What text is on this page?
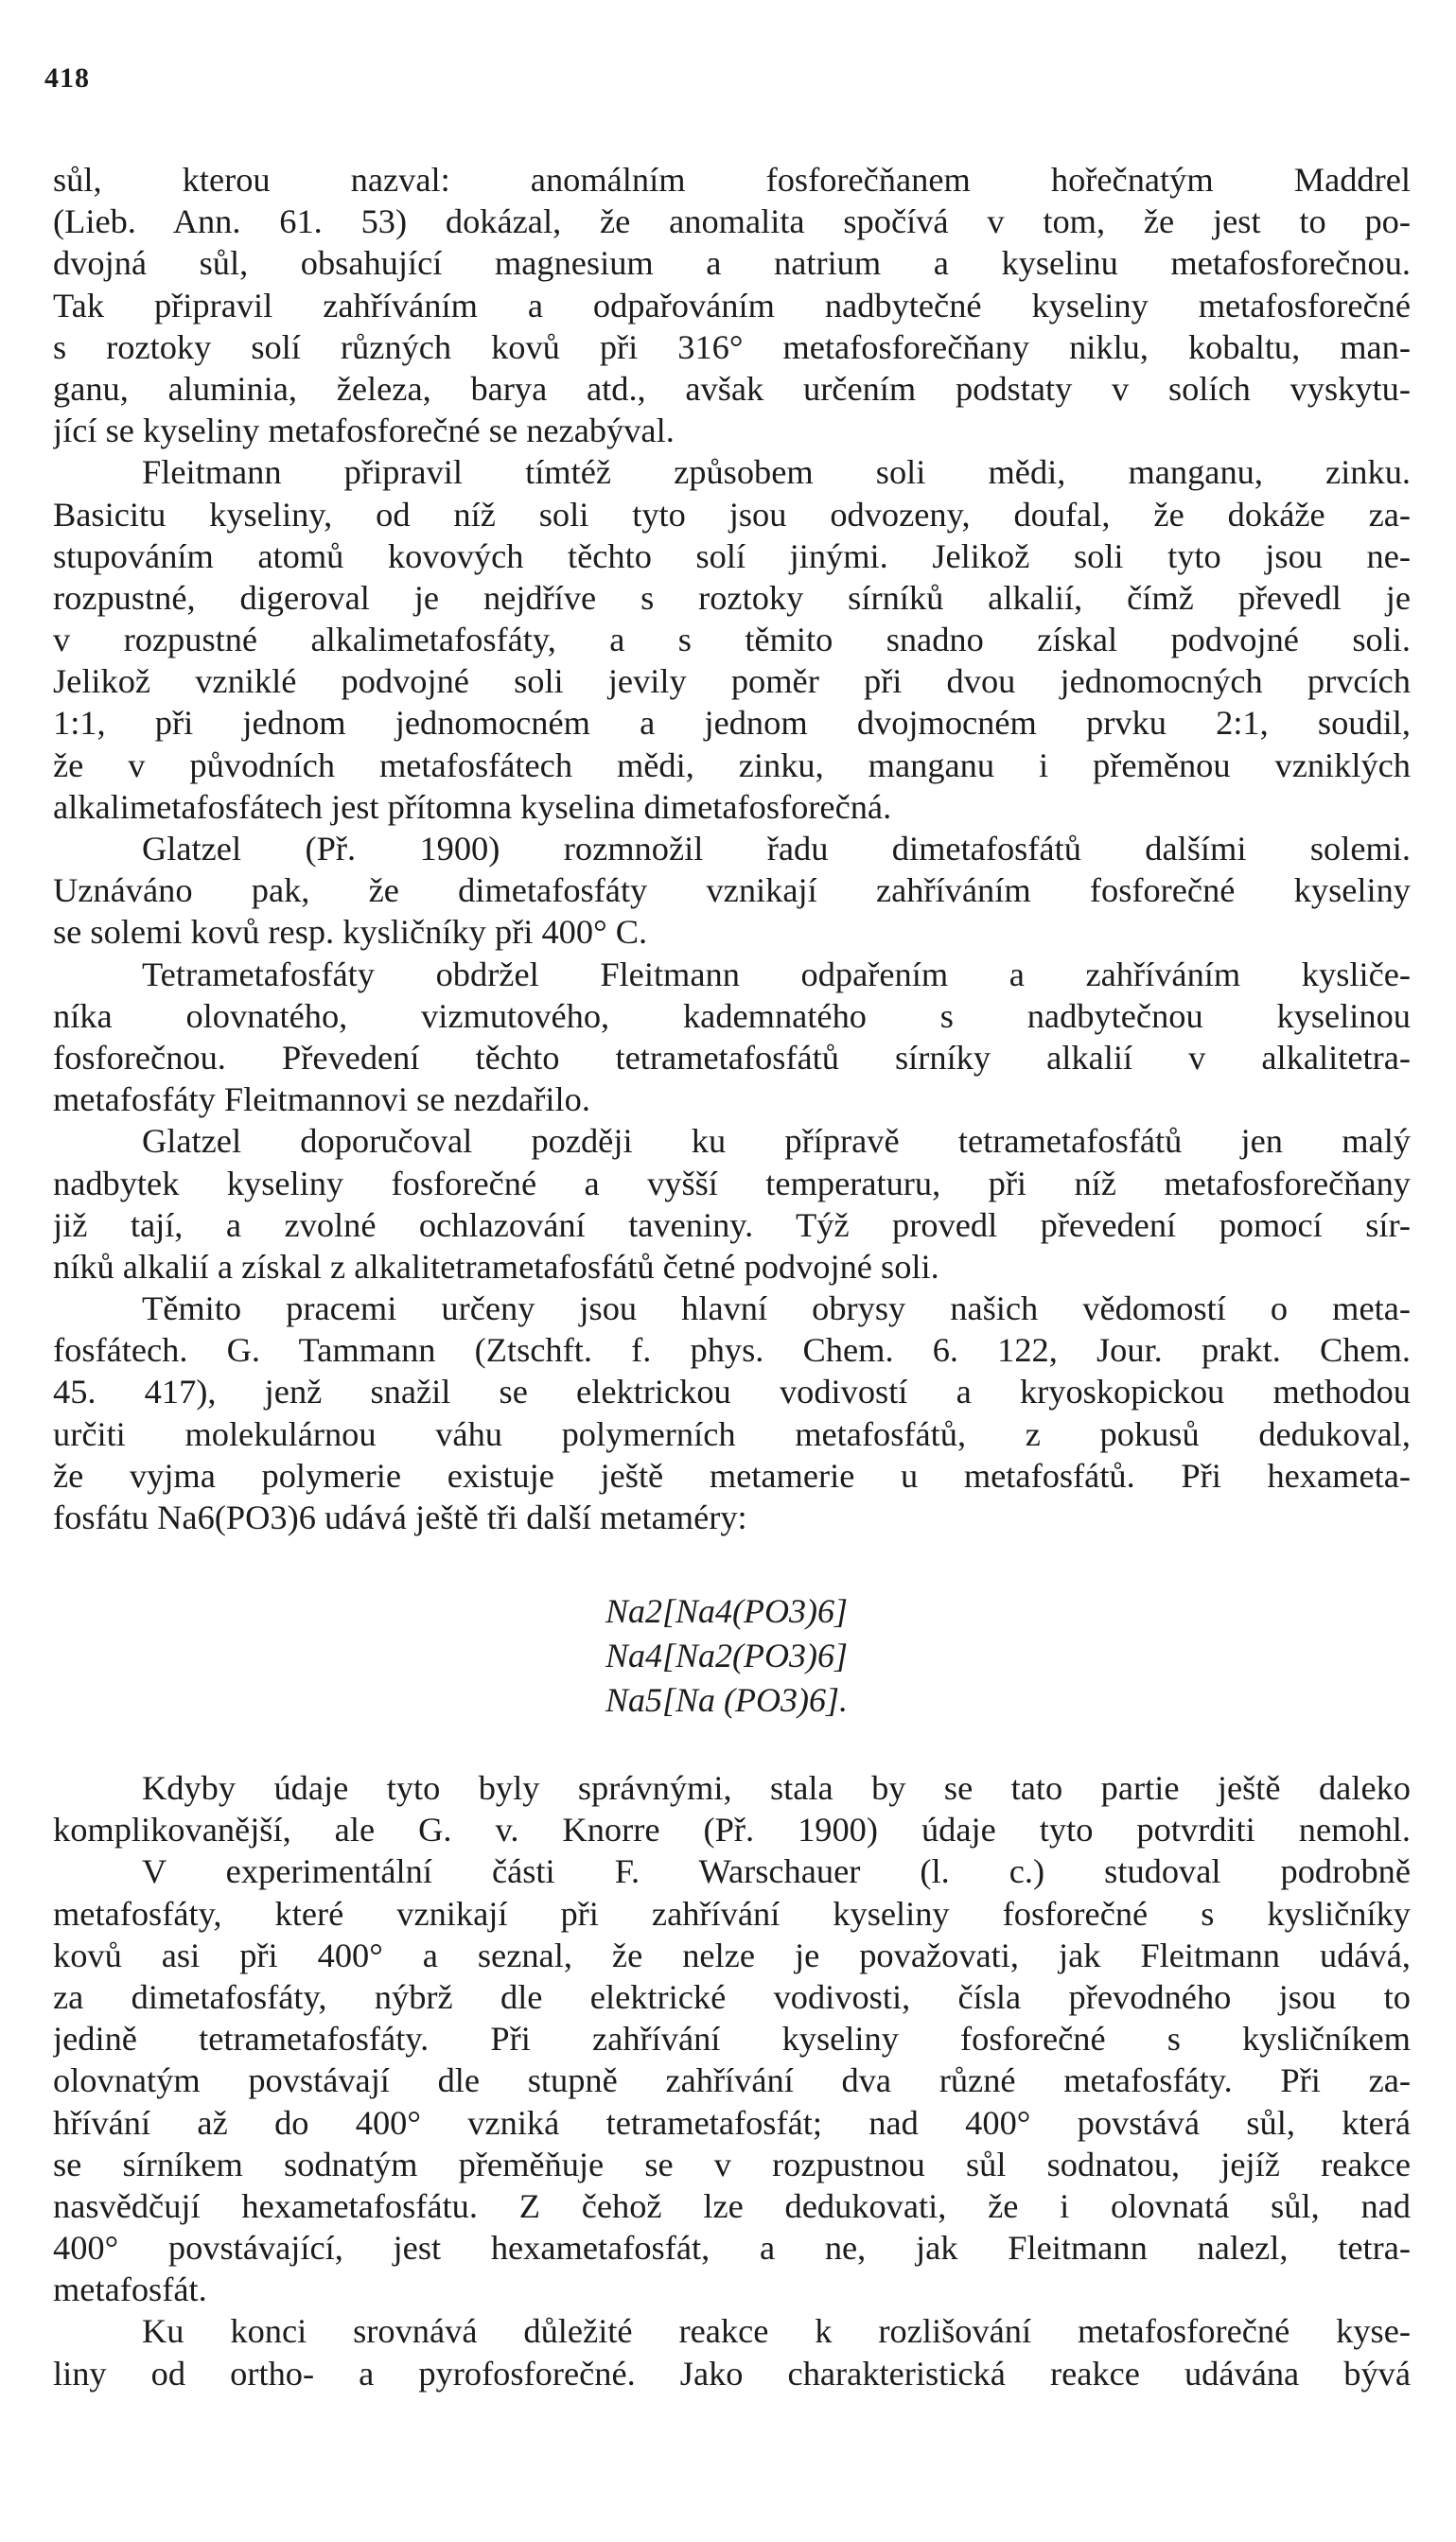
418
sůl, kterou nazval: anomálním fosforečňanem hořečnatým Maddrel
(Lieb. Ann. 61. 53) dokázal, že anomalita spočívá v tom, že jest to po-
dvojná sůl, obsahující magnesium a natrium a kyselinu metafosforečnou.
Tak připravil zahříváním a odpařováním nadbytečné kyseliny metafosforečné
s roztoky solí různých kovů při 316° metafosforečňany niklu, kobaltu, man-
ganu, aluminia, železa, barya atd., avšak určením podstaty v solích vyskytu-
jící se kyseliny metafosforečné se nezabýval.
Fleitmann připravil tímtéž způsobem soli mědi, manganu, zinku.
Basicitu kyseliny, od níž soli tyto jsou odvozeny, doufal, že dokáže za-
stupováním atomů kovových těchto solí jinými. Jelikož soli tyto jsou ne-
rozpustné, digeroval je nejdříve s roztoky sírníků alkalií, čímž převedl je
v rozpustné alkalimetafosfáty, a s těmito snadno získal podvojné soli.
Jelikož vzniklé podvojné soli jevily poměr při dvou jednomocných prvcích
1:1, při jednom jednomocném a jednom dvojmocném prvku 2:1, soudil,
že v původních metafosfátech mědi, zinku, manganu i přeměnou vzniklých
alkalimetafosfátech jest přítomna kyselina dimetafosforečná.
Glatzel (Př. 1900) rozmnožil řadu dimetafosfátů dalšími solemi.
Uznáváno pak, že dimetafosfáty vznikají zahříváním fosforečné kyseliny
se solemi kovů resp. kysličníky při 400° C.
Tetrametafosfáty obdržel Fleitmann odpařením a zahříváním kysliče-
níka olovnatého, vizmutového, kademnatého s nadbytečnou kyselinou
fosforečnou. Převedení těchto tetrametafosfátů sírníky alkalií v alkalitetra-
metafosfáty Fleitmannovi se nezdařilo.
Glatzel doporučoval později ku přípravě tetrametafosfátů jen malý
nadbytek kyseliny fosforečné a vyšší temperaturu, při níž metafosforečňany
již tají, a zvolné ochlazování taveniny. Týž provedl převedení pomocí sír-
níků alkalií a získal z alkalitetrametafosfátů četné podvojné soli.
Těmito pracemi určeny jsou hlavní obrysy našich vědomostí o meta-
fosfátech. G. Tammann (Ztschft. f. phys. Chem. 6. 122, Jour. prakt. Chem.
45. 417), jenž snažil se elektrickou vodivostí a kryoskopickou methodou
určiti molekulárnou váhu polymerních metafosfátů, z pokusů dedukoval,
že vyjma polymerie existuje ještě metamerie u metafosfátů. Při hexameta-
fosfátu Na6(PO3)6 udává ještě tři další metaméry:
Na2[Na4(PO3)6]
Na4[Na2(PO3)6]
Na5[Na (PO3)6].
Kdyby údaje tyto byly správnými, stala by se tato partie ještě daleko
komplikovanější, ale G. v. Knorre (Př. 1900) údaje tyto potvrditi nemohl.
V experimentální části F. Warschauer (l. c.) studoval podrobně
metafosfáty, které vznikají při zahřívání kyseliny fosforečné s kysličníky
kovů asi při 400° a seznal, že nelze je považovati, jak Fleitmann udává,
za dimetafosfáty, nýbrž dle elektrické vodivosti, čísla převodného jsou to
jedině tetrametafosfáty. Při zahřívání kyseliny fosforečné s kysličníkem
olovnatým povstávají dle stupně zahřívání dva různé metafosfáty. Při za-
hřívání až do 400° vzniká tetrametafosfát; nad 400° povstává sůl, která
se sírníkem sodnatým přeměňuje se v rozpustnou sůl sodnatou, jejíž reakce
nasvědčují hexametafosfátu. Z čehož lze dedukovati, že i olovnatá sůl, nad
400° povstávající, jest hexametafosfát, a ne, jak Fleitmann nalezl, tetra-
metafosfát.
Ku konci srovnává důležité reakce k rozlišování metafosforečné kyse-
liny od ortho- a pyrofosforečné. Jako charakteristická reakce udávána bývá
